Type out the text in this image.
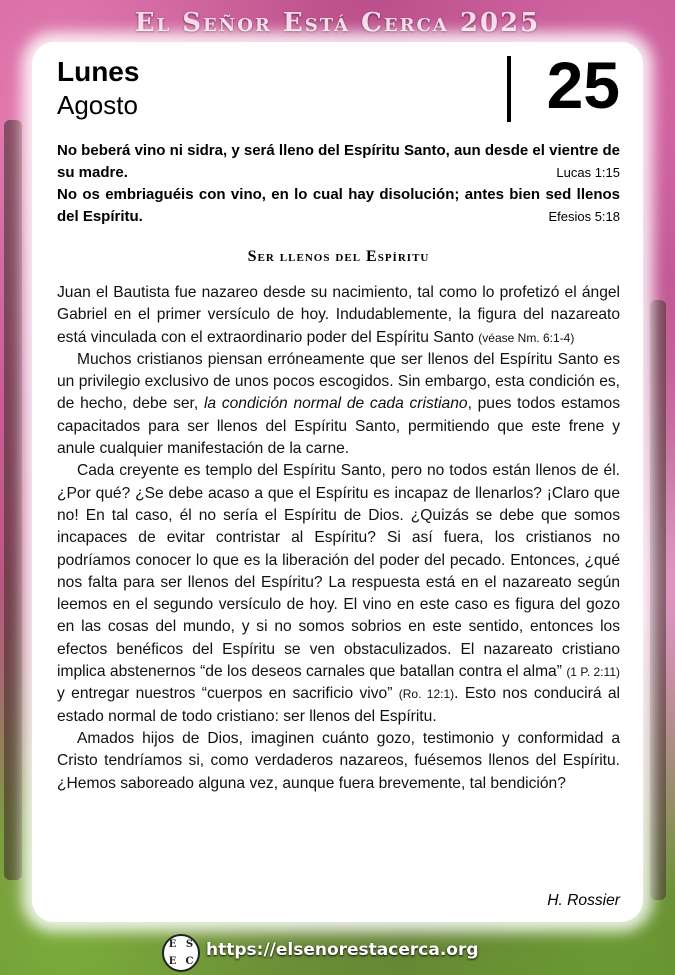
El Señor Está Cerca 2025
Lunes
Agosto	25
No beberá vino ni sidra, y será lleno del Espíritu Santo, aun desde el vientre de su madre.	Lucas 1:15
No os embriaguéis con vino, en lo cual hay disolución; antes bien sed llenos del Espíritu.	Efesios 5:18
Ser llenos del Espíritu

Juan el Bautista fue nazareo desde su nacimiento, tal como lo profetizó el ángel Gabriel en el primer versículo de hoy. Indudablemente, la figura del nazareato está vinculada con el extraordinario poder del Espíritu Santo (véase Nm. 6:1-4)

Muchos cristianos piensan erróneamente que ser llenos del Espíritu Santo es un privilegio exclusivo de unos pocos escogidos. Sin embargo, esta condición es, de hecho, debe ser, la condición normal de cada cristiano, pues todos estamos capacitados para ser llenos del Espíritu Santo, permitiendo que este frene y anule cualquier manifestación de la carne.

Cada creyente es templo del Espíritu Santo, pero no todos están llenos de él. ¿Por qué? ¿Se debe acaso a que el Espíritu es incapaz de llenarlos? ¡Claro que no! En tal caso, él no sería el Espíritu de Dios. ¿Quizás se debe que somos incapaces de evitar contristar al Espíritu? Si así fuera, los cristianos no podríamos conocer lo que es la liberación del poder del pecado. Entonces, ¿qué nos falta para ser llenos del Espíritu? La respuesta está en el nazareato según leemos en el segundo versículo de hoy. El vino en este caso es figura del gozo en las cosas del mundo, y si no somos sobrios en este sentido, entonces los efectos benéficos del Espíritu se ven obstaculizados. El nazareato cristiano implica abstenernos “de los deseos carnales que batallan contra el alma” (1 P. 2:11) y entregar nuestros “cuerpos en sacrificio vivo” (Ro. 12:1). Esto nos conducirá al estado normal de todo cristiano: ser llenos del Espíritu.

Amados hijos de Dios, imaginen cuánto gozo, testimonio y conformidad a Cristo tendríamos si, como verdaderos nazareos, fuésemos llenos del Espíritu. ¿Hemos saboreado alguna vez, aunque fuera brevemente, tal bendición?

H. Rossier
E S
E C
https://elsenorestacerca.org
